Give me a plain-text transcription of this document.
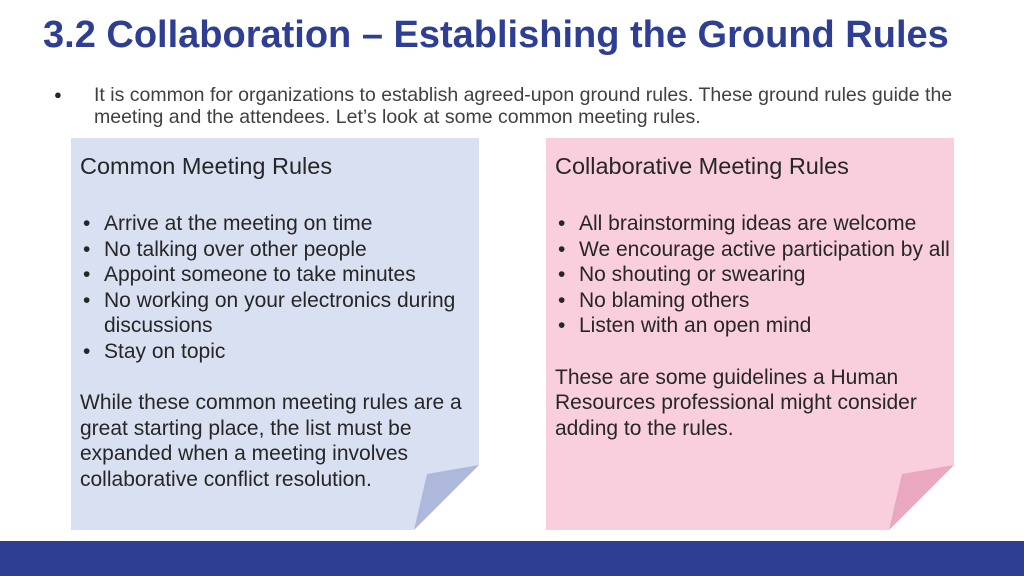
3.2 Collaboration – Establishing the Ground Rules
●	It is common for organizations to establish agreed-upon ground rules. These ground rules guide the meeting and the attendees. Let’s look at some common meeting rules.
Common Meeting Rules
• Arrive at the meeting on time
• No talking over other people
• Appoint someone to take minutes
• No working on your electronics during discussions
• Stay on topic
While these common meeting rules are a great starting place, the list must be expanded when a meeting involves collaborative conflict resolution.
Collaborative Meeting Rules
• All brainstorming ideas are welcome
• We encourage active participation by all
• No shouting or swearing
• No blaming others
• Listen with an open mind
These are some guidelines a Human Resources professional might consider adding to the rules.
